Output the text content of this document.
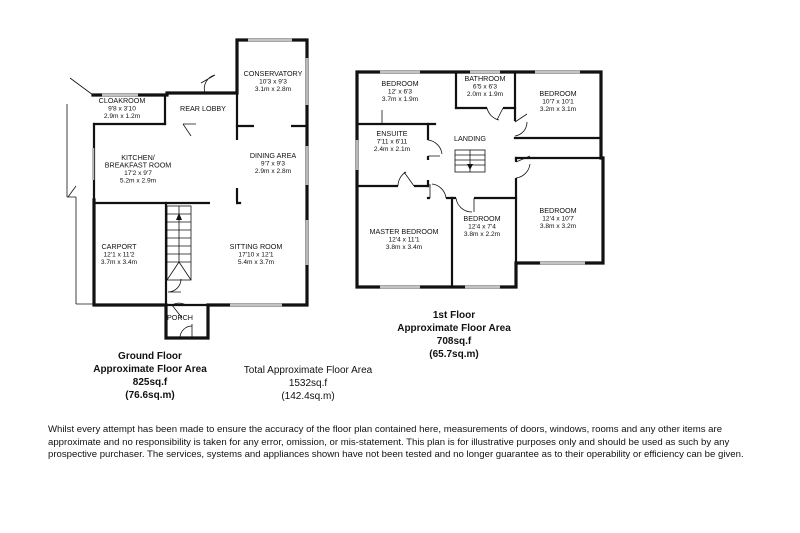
CLOAKROOM
9'8 x 3'10
2.9m x 1.2m
REAR LOBBY
CONSERVATORY
10'3 x 9'3
3.1m x 2.8m
KITCHEN/
BREAKFAST ROOM
17'2 x 9'7
5.2m x 2.9m
DINING AREA
9'7 x 9'3
2.9m x 2.8m
CARPORT
12'1 x 11'2
3.7m x 3.4m
SITTING ROOM
17'10 x 12'1
5.4m x 3.7m
PORCH
BEDROOM
12' x 6'3
3.7m x 1.9m
BATHROOM
6'5 x 6'3
2.0m x 1.9m	BEDROOM
10'7 x 10'1
3.2m x 3.1m
ENSUITE
7'11 x 6'11
2.4m x 2.1m
LANDING
BEDROOM
12'4 x 10'7
3.8m x 3.2m
MASTER BEDROOM
12'4 x 11'1
3.8m x 3.4m
BEDROOM
12'4 x 7'4
3.8m x 2.2m
Ground Floor
Approximate Floor Area
825sq.f
(76.6sq.m)
Total Approximate Floor Area
1532sq.f
(142.4sq.m)
1st Floor
Approximate Floor Area
708sq.f
(65.7sq.m)
Whilst every attempt has been made to ensure the accuracy of the floor plan contained here, measurements of doors, windows, rooms and any other items are approximate and no responsibility is taken for any error, omission, or mis-statement. This plan is for illustrative purposes only and should be used as such by any prospective purchaser. The services, systems and appliances shown have not been tested and no longer guarantee as to their operability or efficiency can be given.
